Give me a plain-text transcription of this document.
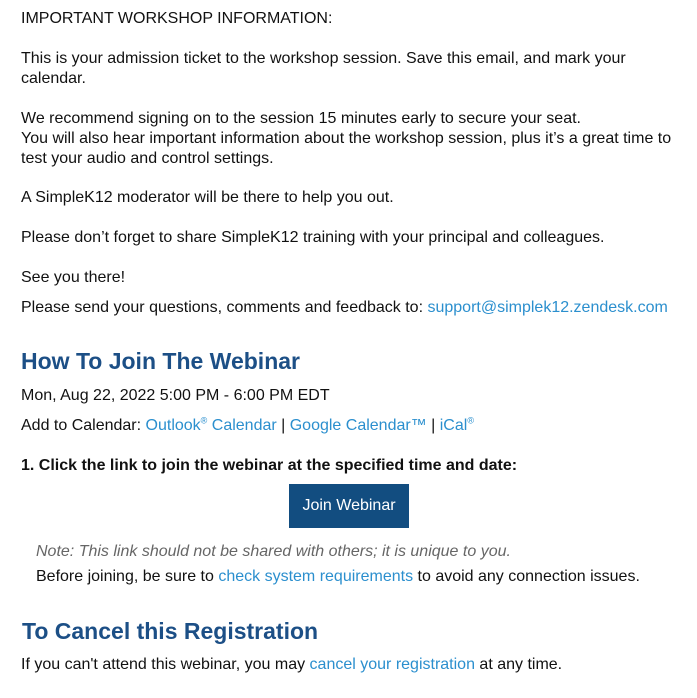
IMPORTANT WORKSHOP INFORMATION:

This is your admission ticket to the workshop session. Save this email, and mark your calendar.

We recommend signing on to the session 15 minutes early to secure your seat.
You will also hear important information about the workshop session, plus it’s a great time to test your audio and control settings.

A SimpleK12 moderator will be there to help you out.

Please don’t forget to share SimpleK12 training with your principal and colleagues.

See you there!

Please send your questions, comments and feedback to: support@simplek12.zendesk.com

How To Join The Webinar

Mon, Aug 22, 2022 5:00 PM - 6:00 PM EDT

Add to Calendar: Outlook® Calendar | Google Calendar™ | iCal®

1. Click the link to join the webinar at the specified time and date:

Join Webinar

Note: This link should not be shared with others; it is unique to you.

Before joining, be sure to check system requirements to avoid any connection issues.

To Cancel this Registration

If you can't attend this webinar, you may cancel your registration at any time.
